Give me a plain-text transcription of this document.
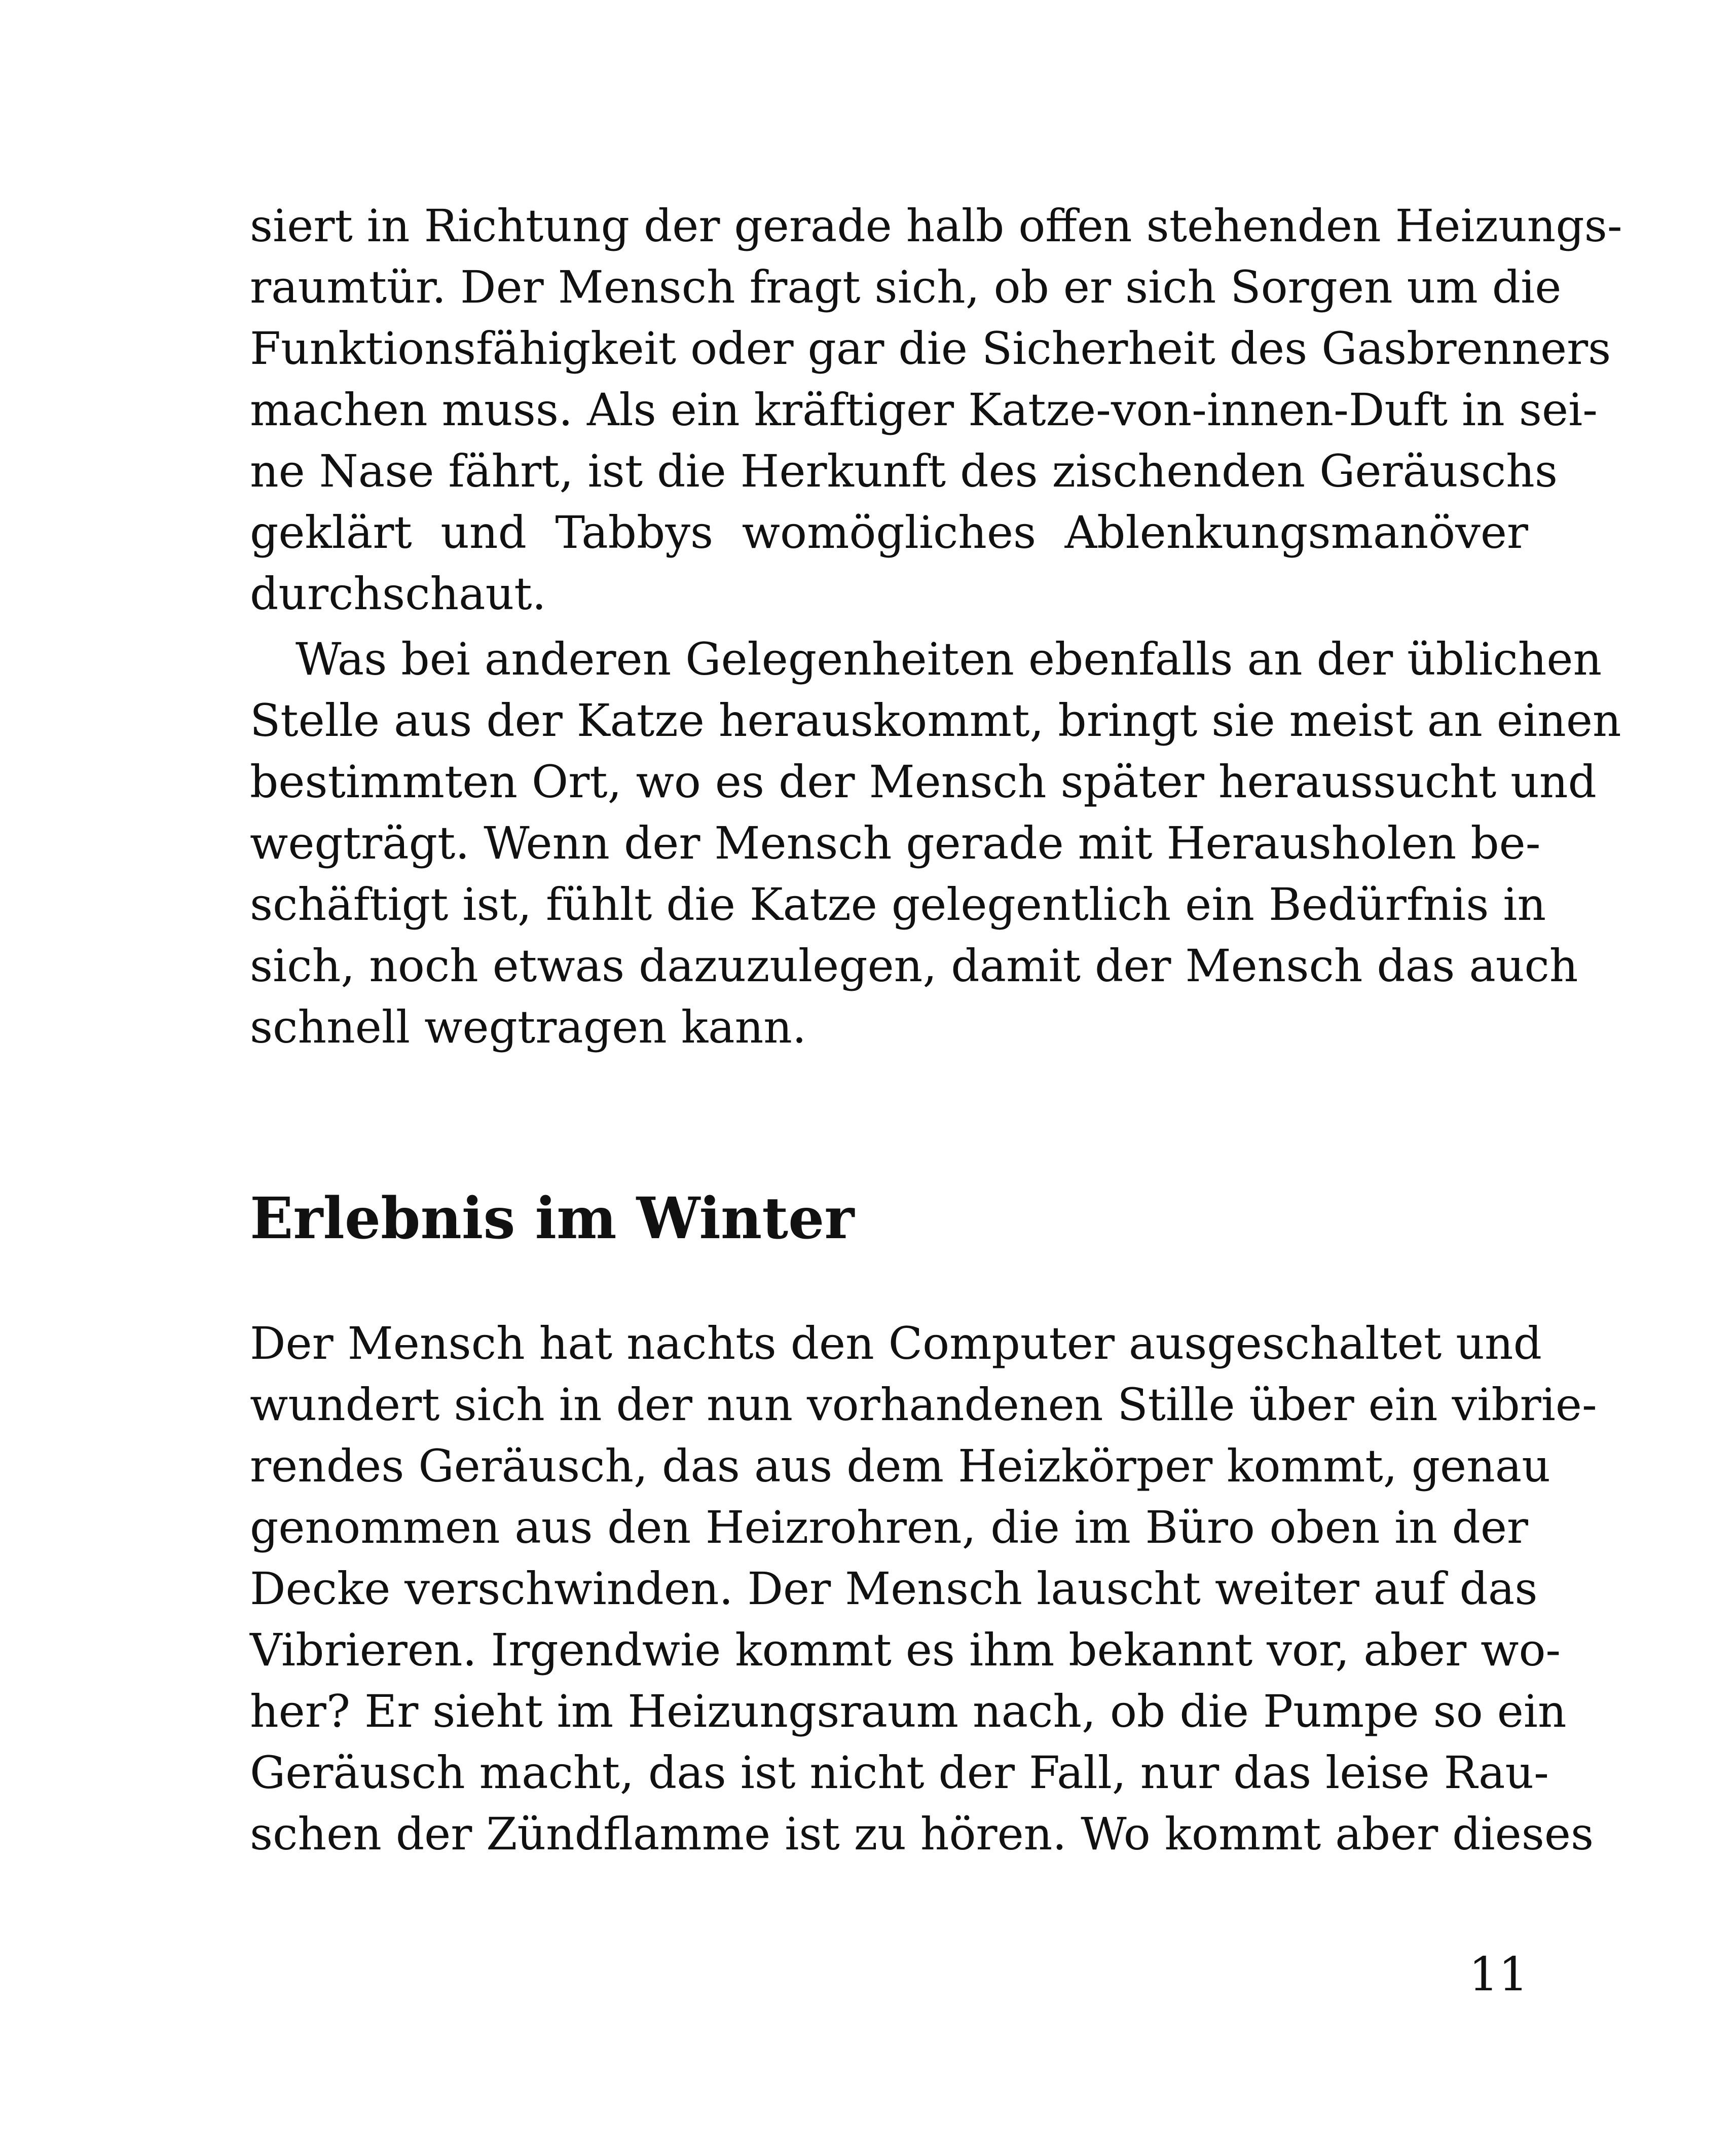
siert in Richtung der gerade halb offen stehenden Heizungs-
raumtür. Der Mensch fragt sich, ob er sich Sorgen um die
Funktionsfähigkeit oder gar die Sicherheit des Gasbrenners
machen muss. Als ein kräftiger Katze-von-innen-Duft in sei-
ne Nase fährt, ist die Herkunft des zischenden Geräuschs
geklärt und Tabbys womögliches Ablenkungsmanöver
durchschaut.
Was bei anderen Gelegenheiten ebenfalls an der üblichen
Stelle aus der Katze herauskommt, bringt sie meist an einen
bestimmten Ort, wo es der Mensch später heraussucht und
wegträgt. Wenn der Mensch gerade mit Herausholen be-
schäftigt ist, fühlt die Katze gelegentlich ein Bedürfnis in
sich, noch etwas dazuzulegen, damit der Mensch das auch
schnell wegtragen kann.
Erlebnis im Winter
Der Mensch hat nachts den Computer ausgeschaltet und
wundert sich in der nun vorhandenen Stille über ein vibrie-
rendes Geräusch, das aus dem Heizkörper kommt, genau
genommen aus den Heizrohren, die im Büro oben in der
Decke verschwinden. Der Mensch lauscht weiter auf das
Vibrieren. Irgendwie kommt es ihm bekannt vor, aber wo-
her? Er sieht im Heizungsraum nach, ob die Pumpe so ein
Geräusch macht, das ist nicht der Fall, nur das leise Rau-
schen der Zündflamme ist zu hören. Wo kommt aber dieses
11
